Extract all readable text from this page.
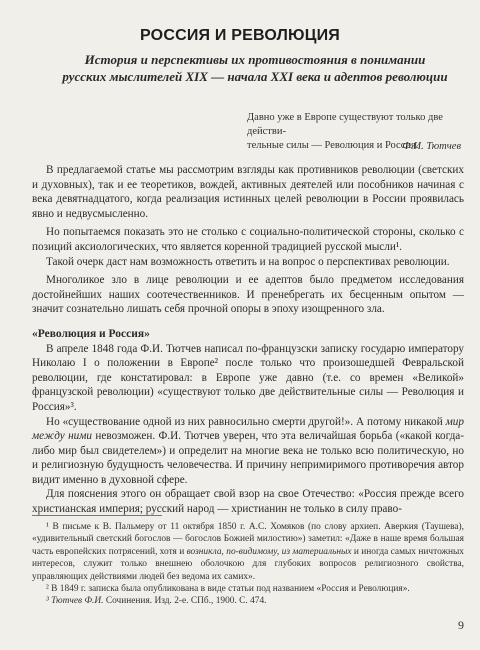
РОССИЯ И РЕВОЛЮЦИЯ
История и перспективы их противостояния в понимании
русских мыслителей XIX — начала XXI века и адептов революции
Давно уже в Европе существуют только две действи-
тельные силы — Революция и Россия.
Ф.И. Тютчев

В предлагаемой статье мы рассмотрим взгляды как противников революции (светских и духовных), так и ее теоретиков, вождей, активных деятелей или пособников начиная с века девятнадцатого, когда реализация истинных целей революции в России проявилась явно и недвусмысленно.

Но попытаемся показать это не столько с социально-политической стороны, сколько с позиций аксиологических, что является коренной традицией русской мысли¹.

Такой очерк даст нам возможность ответить и на вопрос о перспективах революции.

Многоликое зло в лице революции и ее адептов было предметом исследования достойнейших наших соотечественников. И пренебрегать их бесценным опытом — значит сознательно лишать себя прочной опоры в эпоху изощренного зла.

«Революция и Россия»

В апреле 1848 года Ф.И. Тютчев написал по-французски записку государю императору Николаю I о положении в Европе² после только что произошедшей Февральской революции, где констатировал: в Европе уже давно (т.е. со времен «Великой» французской революции) «существуют только две действительные силы — Революция и Россия»³.

Но «существование одной из них равносильно смерти другой!». А потому никакой мир между ними невозможен. Ф.И. Тютчев уверен, что эта величайшая борьба («какой когда-либо мир был свидетелем») и определит на многие века не только всю политическую, но и религиозную будущность человечества. И причину непримиримого противоречия автор видит именно в духовной сфере.

Для пояснения этого он обращает свой взор на свое Отечество: «Россия прежде всего христианская империя; русский народ — христианин не только в силу право-

¹ В письме к В. Пальмеру от 11 октября 1850 г. А.С. Хомяков (по слову архиеп. Аверкия (Таушева), «удивительный светский богослов — богослов Божией милостию») заметил: «Даже в наше время большая часть европейских потрясений, хотя и возникла, по-видимому, из материальных и иногда самых ничтожных интересов, служит только внешнею оболочкою для глубоких вопросов религиозного свойства, управляющих действиями людей без ведома их самих».

² В 1849 г. записка была опубликована в виде статьи под названием «Россия и Революция».

³ Тютчев Ф.И. Сочинения. Изд. 2-е. СПб., 1900. С. 474.

9
